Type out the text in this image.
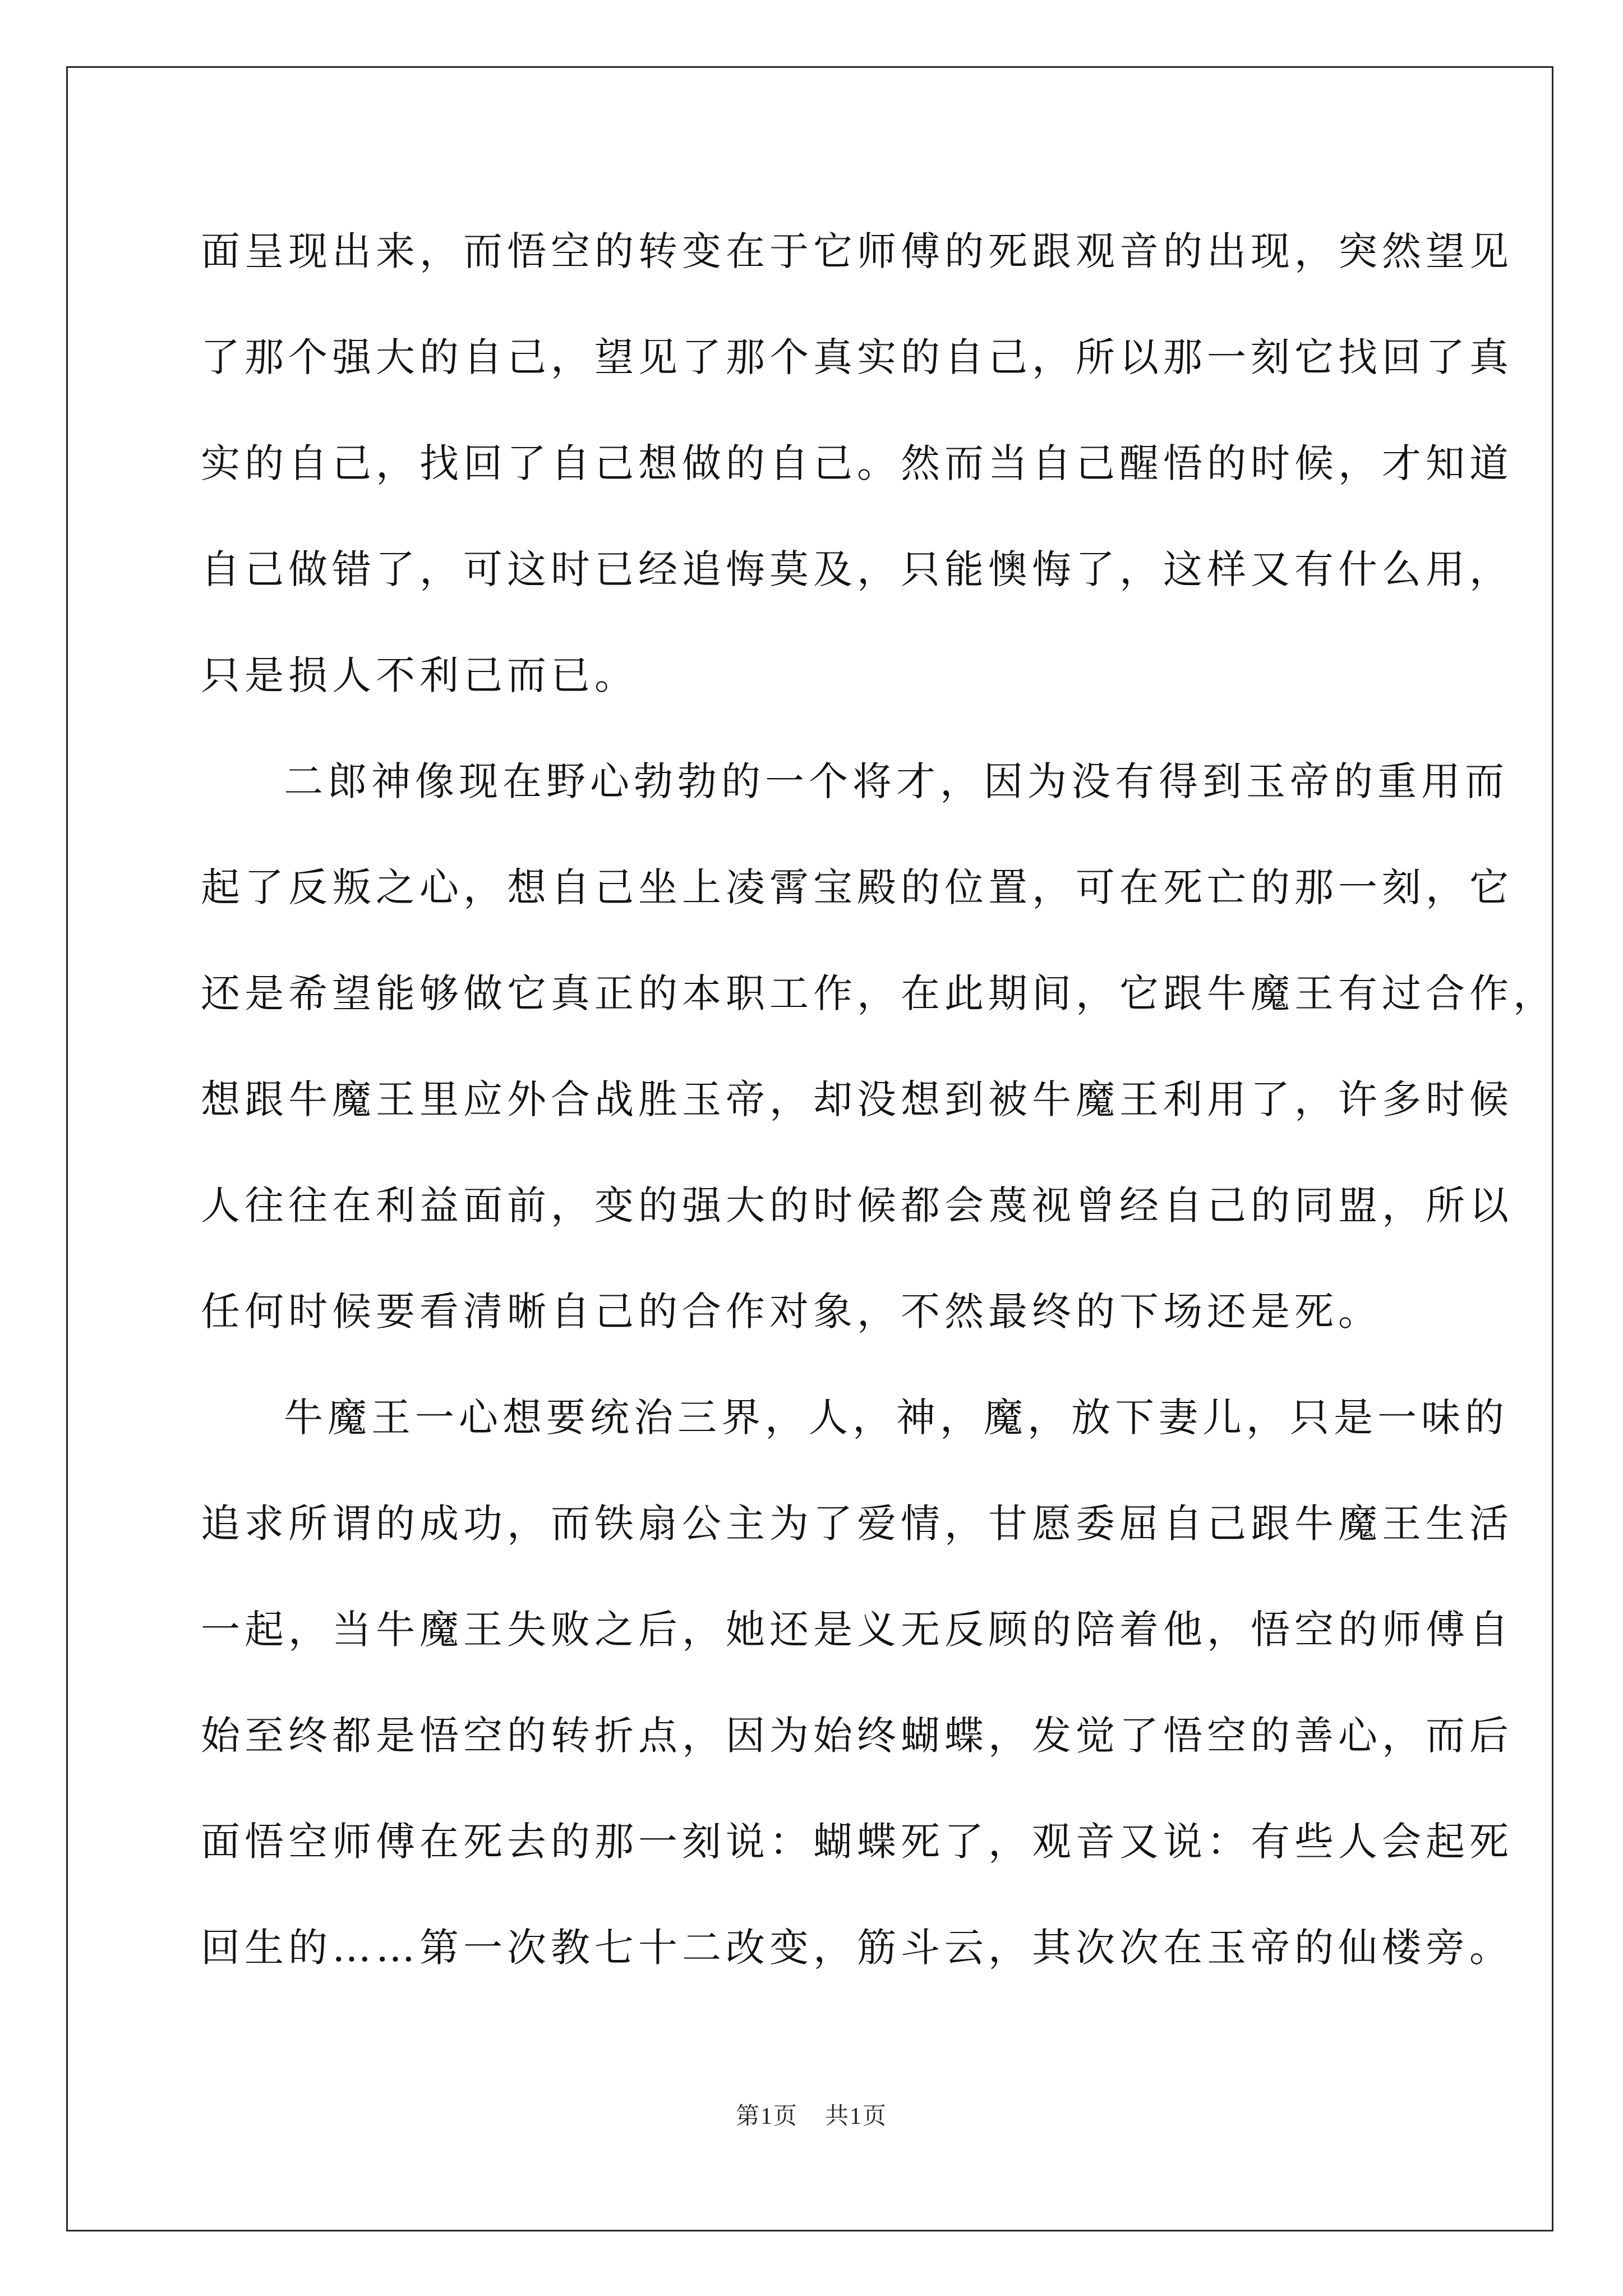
面呈现出来，而悟空的转变在于它师傅的死跟观音的出现，突然望见
了那个强大的自己，望见了那个真实的自己，所以那一刻它找回了真
实的自己，找回了自己想做的自己。然而当自己醒悟的时候，才知道
自己做错了，可这时已经追悔莫及，只能懊悔了，这样又有什么用，
只是损人不利己而已。
二郎神像现在野心勃勃的一个将才，因为没有得到玉帝的重用而
起了反叛之心，想自己坐上凌霄宝殿的位置，可在死亡的那一刻，它
还是希望能够做它真正的本职工作，在此期间，它跟牛魔王有过合作，
想跟牛魔王里应外合战胜玉帝，却没想到被牛魔王利用了，许多时候
人往往在利益面前，变的强大的时候都会蔑视曾经自己的同盟，所以
任何时候要看清晰自己的合作对象，不然最终的下场还是死。
牛魔王一心想要统治三界，人，神，魔，放下妻儿，只是一味的
追求所谓的成功，而铁扇公主为了爱情，甘愿委屈自己跟牛魔王生活
一起，当牛魔王失败之后，她还是义无反顾的陪着他，悟空的师傅自
始至终都是悟空的转折点，因为始终蝴蝶，发觉了悟空的善心，而后
面悟空师傅在死去的那一刻说：蝴蝶死了，观音又说：有些人会起死
回生的……第一次教七十二改变，筋斗云，其次次在玉帝的仙楼旁。
第1页 共1页
